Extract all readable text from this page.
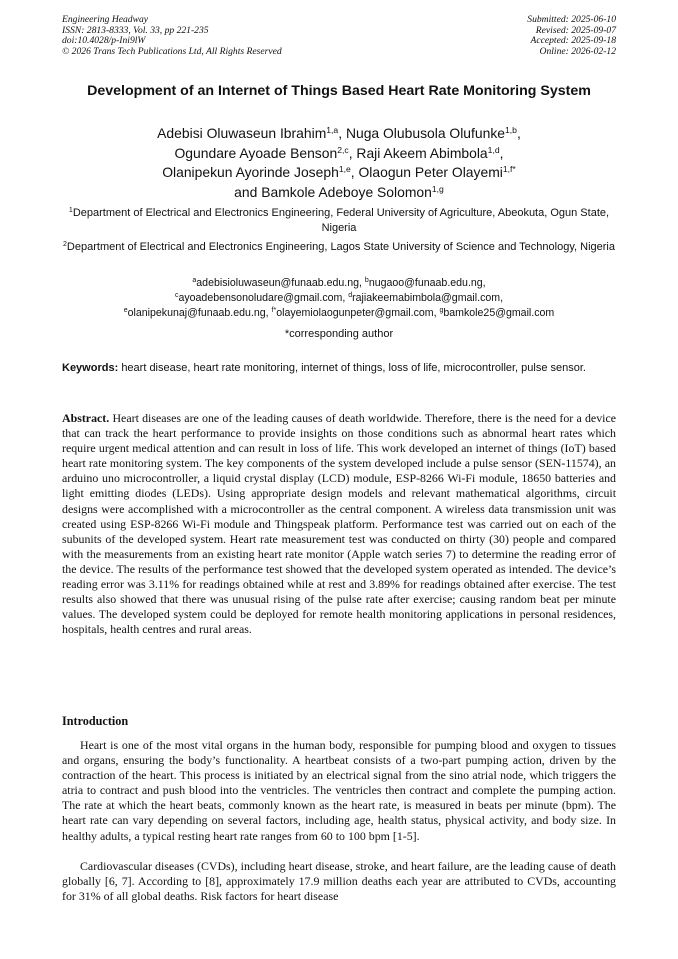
Engineering Headway
ISSN: 2813-8333, Vol. 33, pp 221-235
doi:10.4028/p-Ini9lW
© 2026 Trans Tech Publications Ltd, All Rights Reserved
Submitted: 2025-06-10
Revised: 2025-09-07
Accepted: 2025-09-18
Online: 2026-02-12
Development of an Internet of Things Based Heart Rate Monitoring System
Adebisi Oluwaseun Ibrahim$^{1,a}$, Nuga Olubusola Olufunke$^{1,b}$,
Ogundare Ayoade Benson$^{2,c}$, Raji Akeem Abimbola$^{1,d}$,
Olanipekun Ayorinde Joseph$^{1,e}$, Olaogun Peter Olayemi$^{1,f*}$
and Bamkole Adeboye Solomon$^{1,g}$
$^1$Department of Electrical and Electronics Engineering, Federal University of Agriculture, Abeokuta, Ogun State, Nigeria
$^2$Department of Electrical and Electronics Engineering, Lagos State University of Science and Technology, Nigeria
$^a$adebisioluwaseun@funaab.edu.ng, $^b$nugaoo@funaab.edu.ng,
$^c$ayoadebensonoludare@gmail.com, $^d$rajiakeemabimbola@gmail.com,
$^e$olanipekunaj@funaab.edu.ng, $^{f*}$olayemiolaogunpeter@gmail.com, $^g$bamkole25@gmail.com
*corresponding author
Keywords: heart disease, heart rate monitoring, internet of things, loss of life, microcontroller, pulse sensor.
Abstract. Heart diseases are one of the leading causes of death worldwide. Therefore, there is the need for a device that can track the heart performance to provide insights on those conditions such as abnormal heart rates which require urgent medical attention and can result in loss of life. This work developed an internet of things (IoT) based heart rate monitoring system. The key components of the system developed include a pulse sensor (SEN-11574), an arduino uno microcontroller, a liquid crystal display (LCD) module, ESP-8266 Wi-Fi module, 18650 batteries and light emitting diodes (LEDs). Using appropriate design models and relevant mathematical algorithms, circuit designs were accomplished with a microcontroller as the central component. A wireless data transmission unit was created using ESP-8266 Wi-Fi module and Thingspeak platform. Performance test was carried out on each of the subunits of the developed system. Heart rate measurement test was conducted on thirty (30) people and compared with the measurements from an existing heart rate monitor (Apple watch series 7) to determine the reading error of the device. The results of the performance test showed that the developed system operated as intended. The device’s reading error was 3.11% for readings obtained while at rest and 3.89% for readings obtained after exercise. The test results also showed that there was unusual rising of the pulse rate after exercise; causing random beat per minute values. The developed system could be deployed for remote health monitoring applications in personal residences, hospitals, health centres and rural areas.
Introduction
Heart is one of the most vital organs in the human body, responsible for pumping blood and oxygen to tissues and organs, ensuring the body’s functionality. A heartbeat consists of a two-part pumping action, driven by the contraction of the heart. This process is initiated by an electrical signal from the sino atrial node, which triggers the atria to contract and push blood into the ventricles. The ventricles then contract and complete the pumping action. The rate at which the heart beats, commonly known as the heart rate, is measured in beats per minute (bpm). The heart rate can vary depending on several factors, including age, health status, physical activity, and body size. In healthy adults, a typical resting heart rate ranges from 60 to 100 bpm [1-5].
Cardiovascular diseases (CVDs), including heart disease, stroke, and heart failure, are the leading cause of death globally [6, 7]. According to [8], approximately 17.9 million deaths each year are attributed to CVDs, accounting for 31% of all global deaths. Risk factors for heart disease
